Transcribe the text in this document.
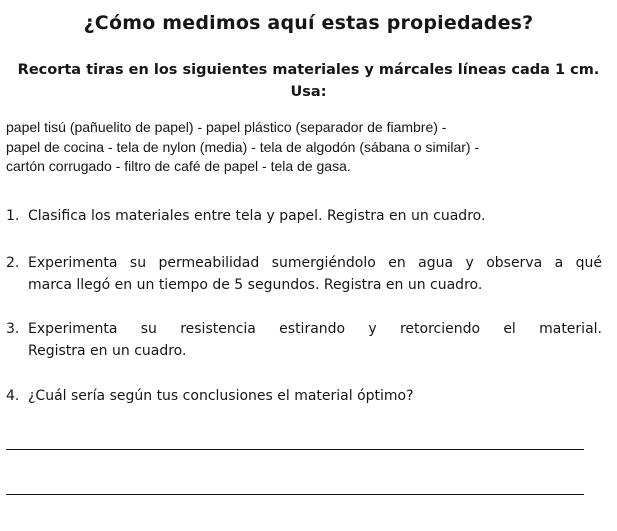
¿Cómo medimos aquí estas propiedades?
Recorta tiras en los siguientes materiales y márcales líneas cada 1 cm.
Usa:
papel tisú (pañuelito de papel) - papel plástico (separador de fiambre) -
papel de cocina - tela de nylon (media) - tela de algodón (sábana o similar) -
cartón corrugado - filtro de café de papel - tela de gasa.
1. Clasifica los materiales entre tela y papel. Registra en un cuadro.
2. Experimenta su permeabilidad sumergiéndolo en agua y observa a qué
marca llegó en un tiempo de 5 segundos. Registra en un cuadro.
3. Experimenta su resistencia estirando y retorciendo el material.
Registra en un cuadro.
4. ¿Cuál sería según tus conclusiones el material óptimo?
